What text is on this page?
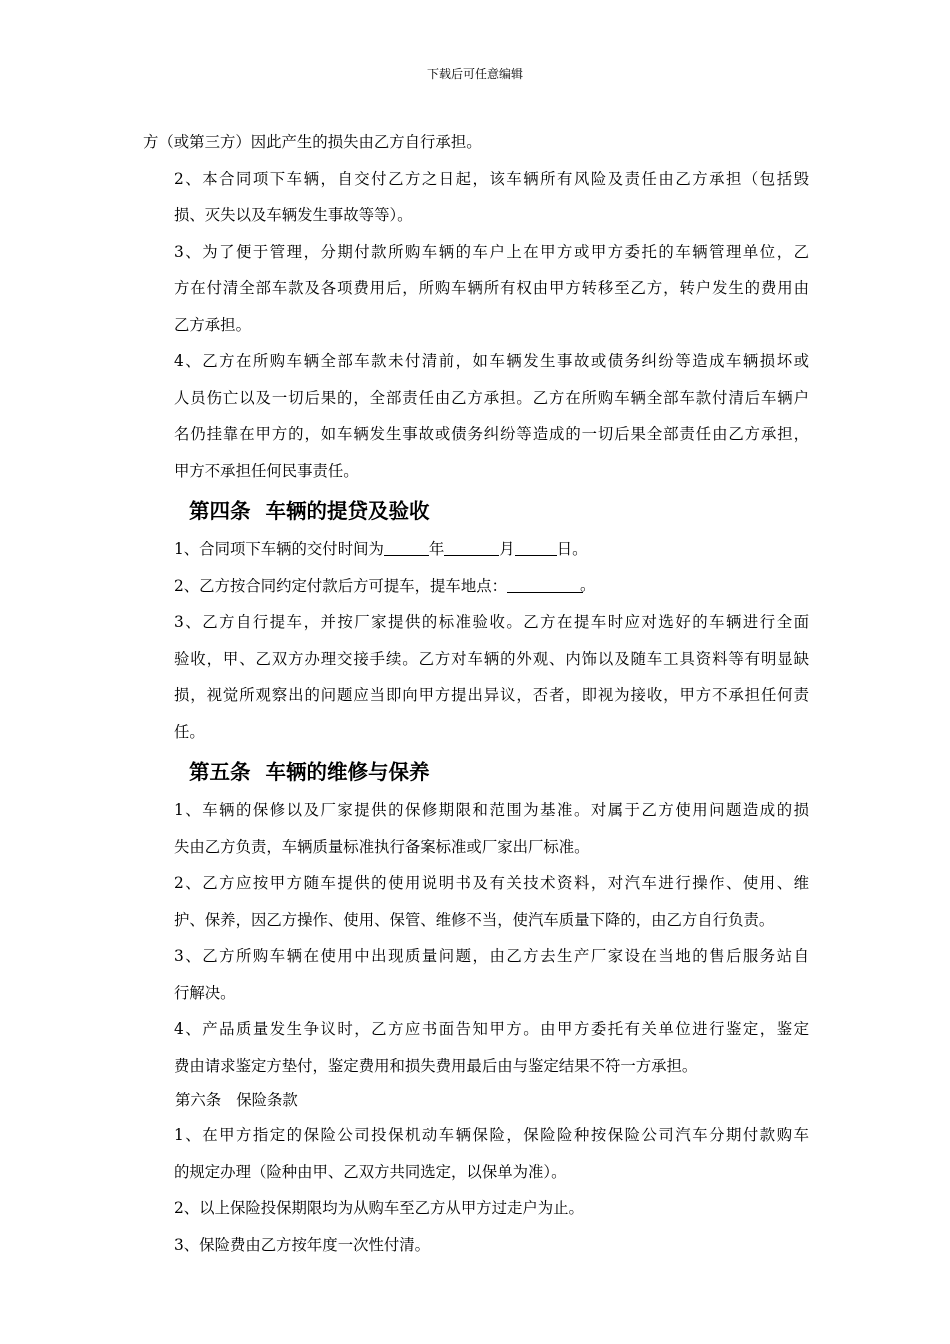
下载后可任意编辑

方（或第三方）因此产生的损失由乙方自行承担。

2、本合同项下车辆，自交付乙方之日起，该车辆所有风险及责任由乙方承担（包括毁
损、灭失以及车辆发生事故等等）。

3、为了便于管理，分期付款所购车辆的车户上在甲方或甲方委托的车辆管理单位，乙
方在付清全部车款及各项费用后，所购车辆所有权由甲方转移至乙方，转户发生的费用由
乙方承担。

4、乙方在所购车辆全部车款未付清前，如车辆发生事故或债务纠纷等造成车辆损坏或
人员伤亡以及一切后果的，全部责任由乙方承担。乙方在所购车辆全部车款付清后车辆户
名仍挂靠在甲方的，如车辆发生事故或债务纠纷等造成的一切后果全部责任由乙方承担，
甲方不承担任何民事责任。

第四条 车辆的提贷及验收

1、合同项下车辆的交付时间为	年	月	日。

2、乙方按合同约定付款后方可提车，提车地点：	。

3、乙方自行提车，并按厂家提供的标准验收。乙方在提车时应对选好的车辆进行全面
验收，甲、乙双方办理交接手续。乙方对车辆的外观、内饰以及随车工具资料等有明显缺
损，视觉所观察出的问题应当即向甲方提出异议，否者，即视为接收，甲方不承担任何责
任。

第五条 车辆的维修与保养

1、车辆的保修以及厂家提供的保修期限和范围为基准。对属于乙方使用问题造成的损
失由乙方负责，车辆质量标准执行备案标准或厂家出厂标准。

2、乙方应按甲方随车提供的使用说明书及有关技术资料，对汽车进行操作、使用、维
护、保养，因乙方操作、使用、保管、维修不当，使汽车质量下降的，由乙方自行负责。

3、乙方所购车辆在使用中出现质量问题，由乙方去生产厂家设在当地的售后服务站自
行解决。

4、产品质量发生争议时，乙方应书面告知甲方。由甲方委托有关单位进行鉴定，鉴定
费由请求鉴定方垫付，鉴定费用和损失费用最后由与鉴定结果不符一方承担。

第六条 保险条款

1、在甲方指定的保险公司投保机动车辆保险，保险险种按保险公司汽车分期付款购车
的规定办理（险种由甲、乙双方共同选定，以保单为准）。

2、以上保险投保期限均为从购车至乙方从甲方过走户为止。

3、保险费由乙方按年度一次性付清。
